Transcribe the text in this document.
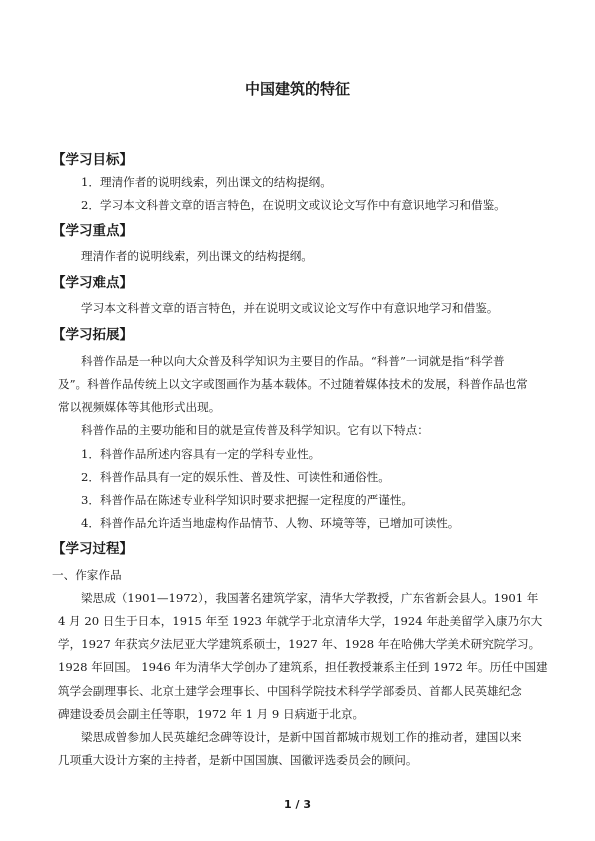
中国建筑的特征
【学习目标】
1．理清作者的说明线索，列出课文的结构提纲。
2．学习本文科普文章的语言特色，在说明文或议论文写作中有意识地学习和借鉴。
【学习重点】
理清作者的说明线索，列出课文的结构提纲。
【学习难点】
学习本文科普文章的语言特色，并在说明文或议论文写作中有意识地学习和借鉴。
【学习拓展】
科普作品是一种以向大众普及科学知识为主要目的作品。“科普”一词就是指“科学普
及”。科普作品传统上以文字或图画作为基本载体。不过随着媒体技术的发展，科普作品也常
常以视频媒体等其他形式出现。
科普作品的主要功能和目的就是宣传普及科学知识。它有以下特点：
1．科普作品所述内容具有一定的学科专业性。
2．科普作品具有一定的娱乐性、普及性、可读性和通俗性。
3．科普作品在陈述专业科学知识时要求把握一定程度的严谨性。
4．科普作品允许适当地虚构作品情节、人物、环境等等，已增加可读性。
【学习过程】
一、作家作品
梁思成（1901—1972），我国著名建筑学家，清华大学教授，广东省新会县人。1901 年
4 月 20 日生于日本，1915 年至 1923 年就学于北京清华大学，1924 年赴美留学入康乃尔大
学，1927 年获宾夕法尼亚大学建筑系硕士，1927 年、1928 年在哈佛大学美术研究院学习。
1928 年回国。 1946 年为清华大学创办了建筑系，担任教授兼系主任到 1972 年。历任中国建
筑学会副理事长、北京土建学会理事长、中国科学院技术科学学部委员、首都人民英雄纪念
碑建设委员会副主任等职，1972 年 1 月 9 日病逝于北京。
梁思成曾参加人民英雄纪念碑等设计，是新中国首都城市规划工作的推动者，建国以来
几项重大设计方案的主持者，是新中国国旗、国徽评选委员会的顾问。
1 / 3
